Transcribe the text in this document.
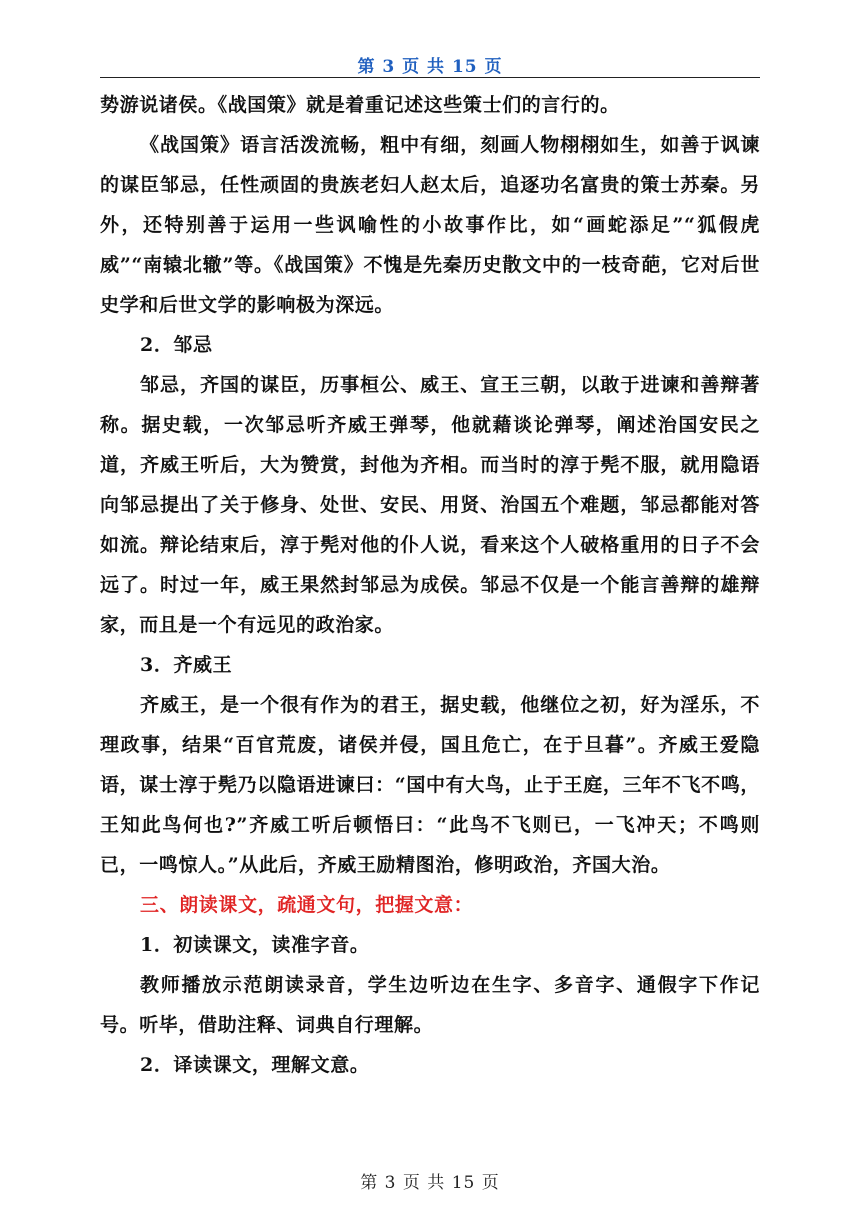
第 3 页 共 15 页

势游说诸侯。《战国策》就是着重记述这些策士们的言行的。

《战国策》语言活泼流畅，粗中有细，刻画人物栩栩如生，如善于讽谏的谋臣邹忌，任性顽固的贵族老妇人赵太后，追逐功名富贵的策士苏秦。另外，还特别善于运用一些讽喻性的小故事作比，如“画蛇添足”“狐假虎威”“南辕北辙”等。《战国策》不愧是先秦历史散文中的一枝奇葩，它对后世史学和后世文学的影响极为深远。

2．邹忌

邹忌，齐国的谋臣，历事桓公、威王、宣王三朝，以敢于进谏和善辩著称。据史载，一次邹忌听齐威王弹琴，他就藉谈论弹琴，阐述治国安民之道，齐威王听后，大为赞赏，封他为齐相。而当时的淳于髡不服，就用隐语向邹忌提出了关于修身、处世、安民、用贤、治国五个难题，邹忌都能对答如流。辩论结束后，淳于髡对他的仆人说，看来这个人破格重用的日子不会远了。时过一年，威王果然封邹忌为成侯。邹忌不仅是一个能言善辩的雄辩家，而且是一个有远见的政治家。

3．齐威王

齐威王，是一个很有作为的君王，据史载，他继位之初，好为淫乐，不理政事，结果“百官荒废，诸侯并侵，国且危亡，在于旦暮”。齐威王爱隐语，谋士淳于髡乃以隐语进谏曰：“国中有大鸟，止于王庭，三年不飞不鸣，王知此鸟何也?”齐威工听后顿悟曰：“此鸟不飞则已，一飞冲天；不鸣则已，一鸣惊人。”从此后，齐威王励精图治，修明政治，齐国大治。

三、朗读课文，疏通文句，把握文意：

1．初读课文，读准字音。

教师播放示范朗读录音，学生边听边在生字、多音字、通假字下作记号。听毕，借助注释、词典自行理解。

2．译读课文，理解文意。

第 3 页 共 15 页
